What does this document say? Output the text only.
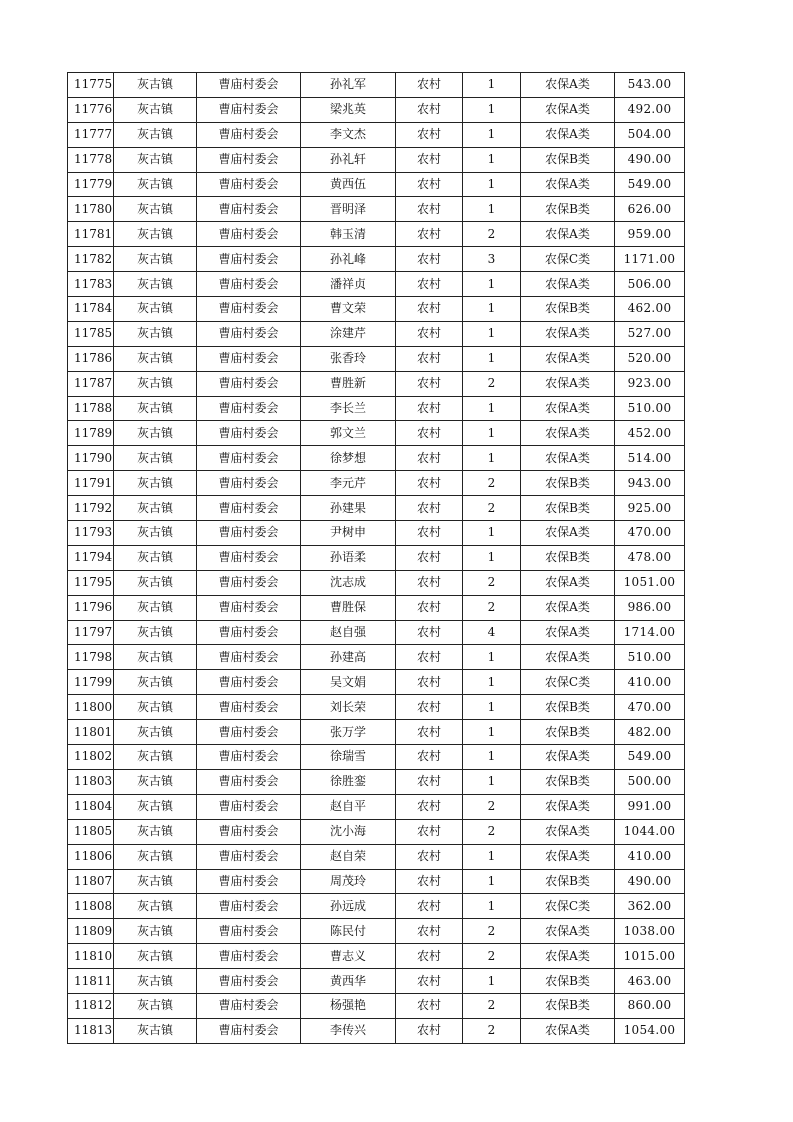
11775	灰古镇	曹庙村委会	孙礼军	农村	1	农保A类	543.00
11776	灰古镇	曹庙村委会	梁兆英	农村	1	农保A类	492.00
11777	灰古镇	曹庙村委会	李文杰	农村	1	农保A类	504.00
11778	灰古镇	曹庙村委会	孙礼轩	农村	1	农保B类	490.00
11779	灰古镇	曹庙村委会	黄西伍	农村	1	农保A类	549.00
11780	灰古镇	曹庙村委会	晋明泽	农村	1	农保B类	626.00
11781	灰古镇	曹庙村委会	韩玉清	农村	2	农保A类	959.00
11782	灰古镇	曹庙村委会	孙礼峰	农村	3	农保C类	1171.00
11783	灰古镇	曹庙村委会	潘祥贞	农村	1	农保A类	506.00
11784	灰古镇	曹庙村委会	曹文荣	农村	1	农保B类	462.00
11785	灰古镇	曹庙村委会	涂建芹	农村	1	农保A类	527.00
11786	灰古镇	曹庙村委会	张香玲	农村	1	农保A类	520.00
11787	灰古镇	曹庙村委会	曹胜新	农村	2	农保A类	923.00
11788	灰古镇	曹庙村委会	李长兰	农村	1	农保A类	510.00
11789	灰古镇	曹庙村委会	郭文兰	农村	1	农保A类	452.00
11790	灰古镇	曹庙村委会	徐梦想	农村	1	农保A类	514.00
11791	灰古镇	曹庙村委会	李元芹	农村	2	农保B类	943.00
11792	灰古镇	曹庙村委会	孙建果	农村	2	农保B类	925.00
11793	灰古镇	曹庙村委会	尹树申	农村	1	农保A类	470.00
11794	灰古镇	曹庙村委会	孙语柔	农村	1	农保B类	478.00
11795	灰古镇	曹庙村委会	沈志成	农村	2	农保A类	1051.00
11796	灰古镇	曹庙村委会	曹胜保	农村	2	农保A类	986.00
11797	灰古镇	曹庙村委会	赵自强	农村	4	农保A类	1714.00
11798	灰古镇	曹庙村委会	孙建高	农村	1	农保A类	510.00
11799	灰古镇	曹庙村委会	吴文娟	农村	1	农保C类	410.00
11800	灰古镇	曹庙村委会	刘长荣	农村	1	农保B类	470.00
11801	灰古镇	曹庙村委会	张万学	农村	1	农保B类	482.00
11802	灰古镇	曹庙村委会	徐瑞雪	农村	1	农保A类	549.00
11803	灰古镇	曹庙村委会	徐胜銮	农村	1	农保B类	500.00
11804	灰古镇	曹庙村委会	赵自平	农村	2	农保A类	991.00
11805	灰古镇	曹庙村委会	沈小海	农村	2	农保A类	1044.00
11806	灰古镇	曹庙村委会	赵自荣	农村	1	农保A类	410.00
11807	灰古镇	曹庙村委会	周茂玲	农村	1	农保B类	490.00
11808	灰古镇	曹庙村委会	孙远成	农村	1	农保C类	362.00
11809	灰古镇	曹庙村委会	陈民付	农村	2	农保A类	1038.00
11810	灰古镇	曹庙村委会	曹志义	农村	2	农保A类	1015.00
11811	灰古镇	曹庙村委会	黄西华	农村	1	农保B类	463.00
11812	灰古镇	曹庙村委会	杨强艳	农村	2	农保B类	860.00
11813	灰古镇	曹庙村委会	李传兴	农村	2	农保A类	1054.00
